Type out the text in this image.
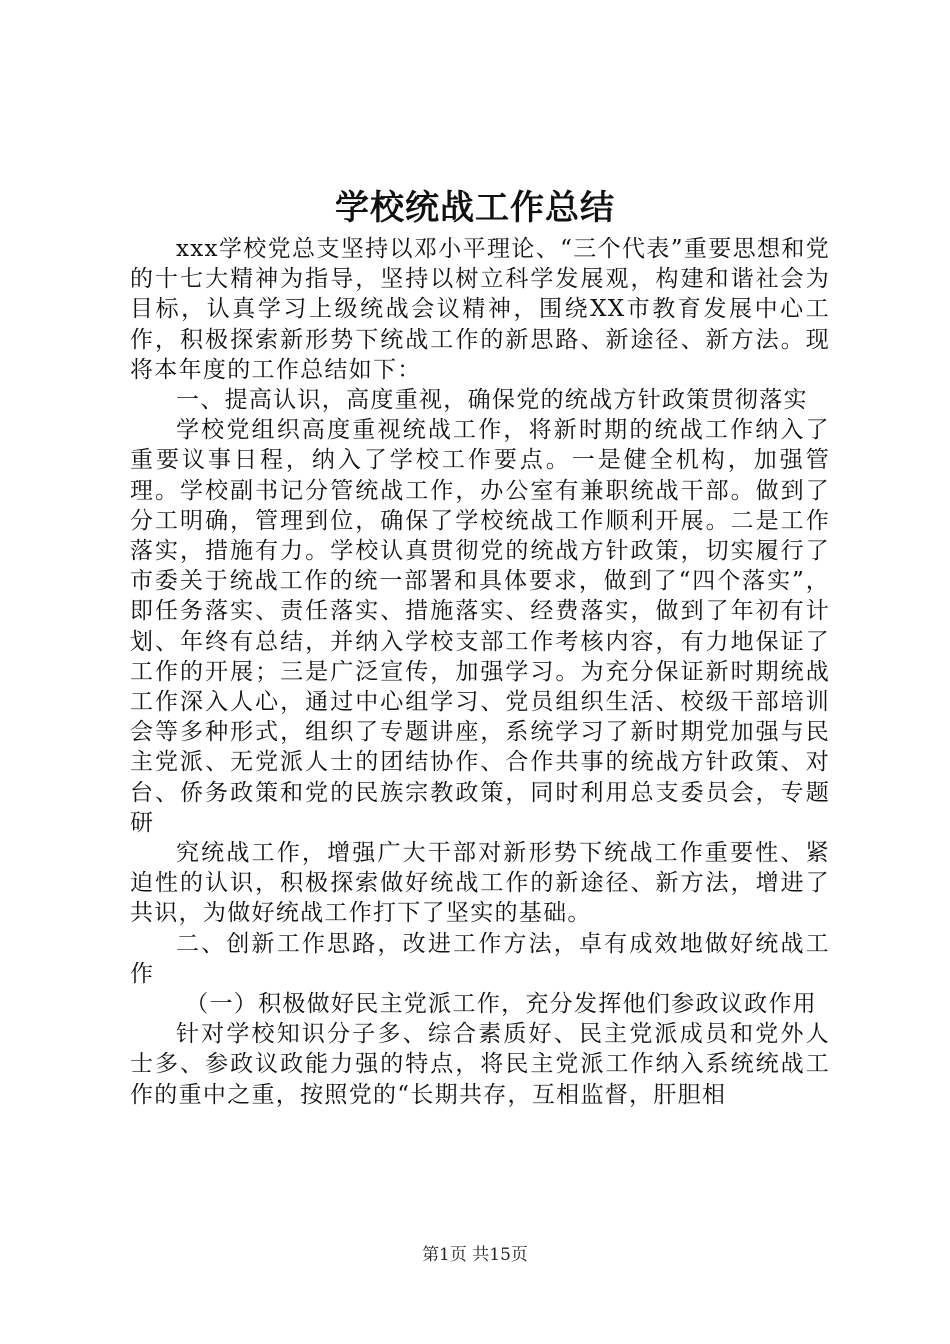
学校统战工作总结

xxx学校党总支坚持以邓小平理论、“三个代表”重要思想和党的十七大精神为指导，坚持以树立科学发展观，构建和谐社会为目标，认真学习上级统战会议精神，围绕XX市教育发展中心工作，积极探索新形势下统战工作的新思路、新途径、新方法。现将本年度的工作总结如下：

一、提高认识，高度重视，确保党的统战方针政策贯彻落实

学校党组织高度重视统战工作，将新时期的统战工作纳入了重要议事日程，纳入了学校工作要点。一是健全机构，加强管理。学校副书记分管统战工作，办公室有兼职统战干部。做到了分工明确，管理到位，确保了学校统战工作顺利开展。二是工作落实，措施有力。学校认真贯彻党的统战方针政策，切实履行了市委关于统战工作的统一部署和具体要求，做到了“四个落实”，即任务落实、责任落实、措施落实、经费落实，做到了年初有计划、年终有总结，并纳入学校支部工作考核内容，有力地保证了工作的开展；三是广泛宣传，加强学习。为充分保证新时期统战工作深入人心，通过中心组学习、党员组织生活、校级干部培训会等多种形式，组织了专题讲座，系统学习了新时期党加强与民主党派、无党派人士的团结协作、合作共事的统战方针政策、对台、侨务政策和党的民族宗教政策，同时利用总支委员会，专题研

究统战工作，增强广大干部对新形势下统战工作重要性、紧迫性的认识，积极探索做好统战工作的新途径、新方法，增进了共识，为做好统战工作打下了坚实的基础。

二、创新工作思路，改进工作方法，卓有成效地做好统战工作

（一）积极做好民主党派工作，充分发挥他们参政议政作用

针对学校知识分子多、综合素质好、民主党派成员和党外人士多、参政议政能力强的特点，将民主党派工作纳入系统统战工作的重中之重，按照党的“长期共存，互相监督，肝胆相

第1页 共15页
